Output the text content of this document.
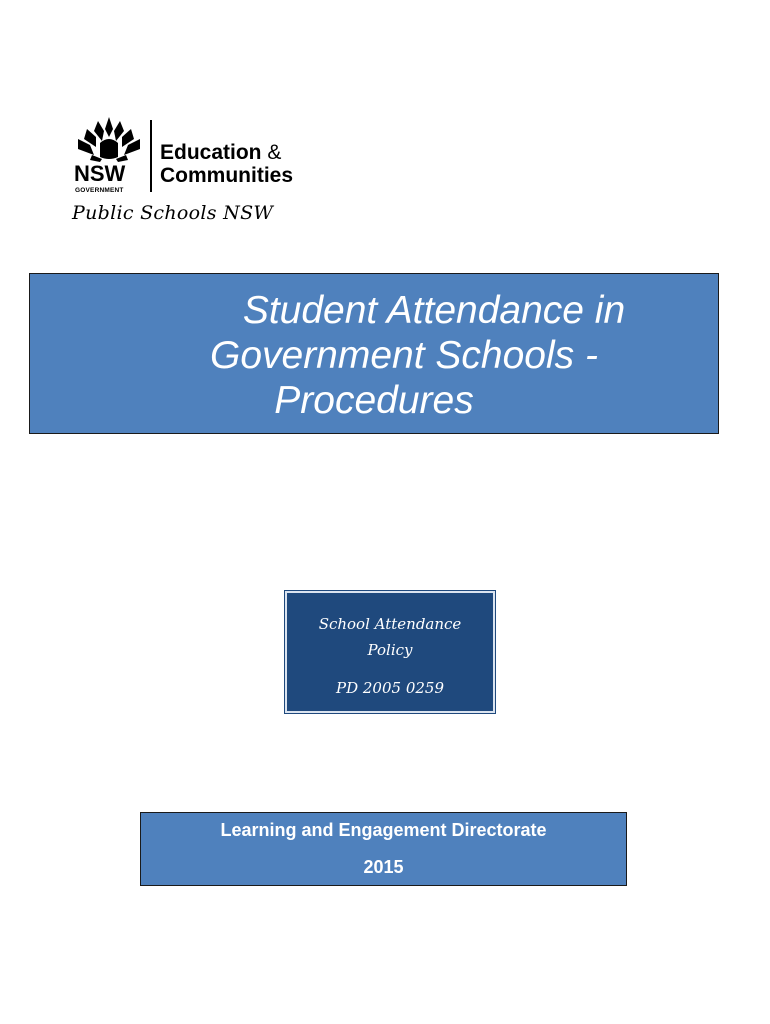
NSW
GOVERNMENT
Education &
Communities
Public Schools NSW
Student Attendance in
Government Schools -
Procedures
School Attendance
Policy
PD 2005 0259
Learning and Engagement Directorate
2015
